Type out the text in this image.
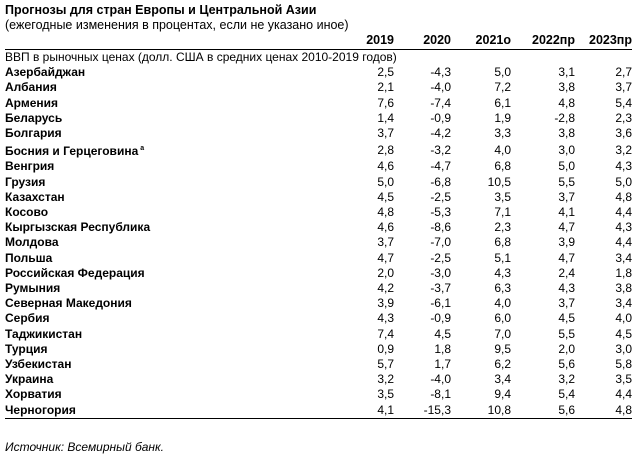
Прогнозы для стран Европы и Центральной Азии
(ежегодные изменения в процентах, если не указано иное)
	2019	2020	2021о	2022пр	2023пр
ВВП в рыночных ценах (долл. США в средних ценах 2010-2019 годов)					
Азербайджан	2,5	-4,3	5,0	3,1	2,7
Албания	2,1	-4,0	7,2	3,8	3,7
Армения	7,6	-7,4	6,1	4,8	5,4
Беларусь	1,4	-0,9	1,9	-2,8	2,3
Болгария	3,7	-4,2	3,3	3,8	3,6
Босния и Герцеговина $^a$	2,8	-3,2	4,0	3,0	3,2
Венгрия	4,6	-4,7	6,8	5,0	4,3
Грузия	5,0	-6,8	10,5	5,5	5,0
Казахстан	4,5	-2,5	3,5	3,7	4,8
Косово	4,8	-5,3	7,1	4,1	4,4
Кыргызская Республика	4,6	-8,6	2,3	4,7	4,3
Молдова	3,7	-7,0	6,8	3,9	4,4
Польша	4,7	-2,5	5,1	4,7	3,4
Российская Федерация	2,0	-3,0	4,3	2,4	1,8
Румыния	4,2	-3,7	6,3	4,3	3,8
Северная Македония	3,9	-6,1	4,0	3,7	3,4
Сербия	4,3	-0,9	6,0	4,5	4,0
Таджикистан	7,4	4,5	7,0	5,5	4,5
Турция	0,9	1,8	9,5	2,0	3,0
Узбекистан	5,7	1,7	6,2	5,6	5,8
Украина	3,2	-4,0	3,4	3,2	3,5
Хорватия	3,5	-8,1	9,4	5,4	4,4
Черногория	4,1	-15,3	10,8	5,6	4,8
Источник: Всемирный банк.
